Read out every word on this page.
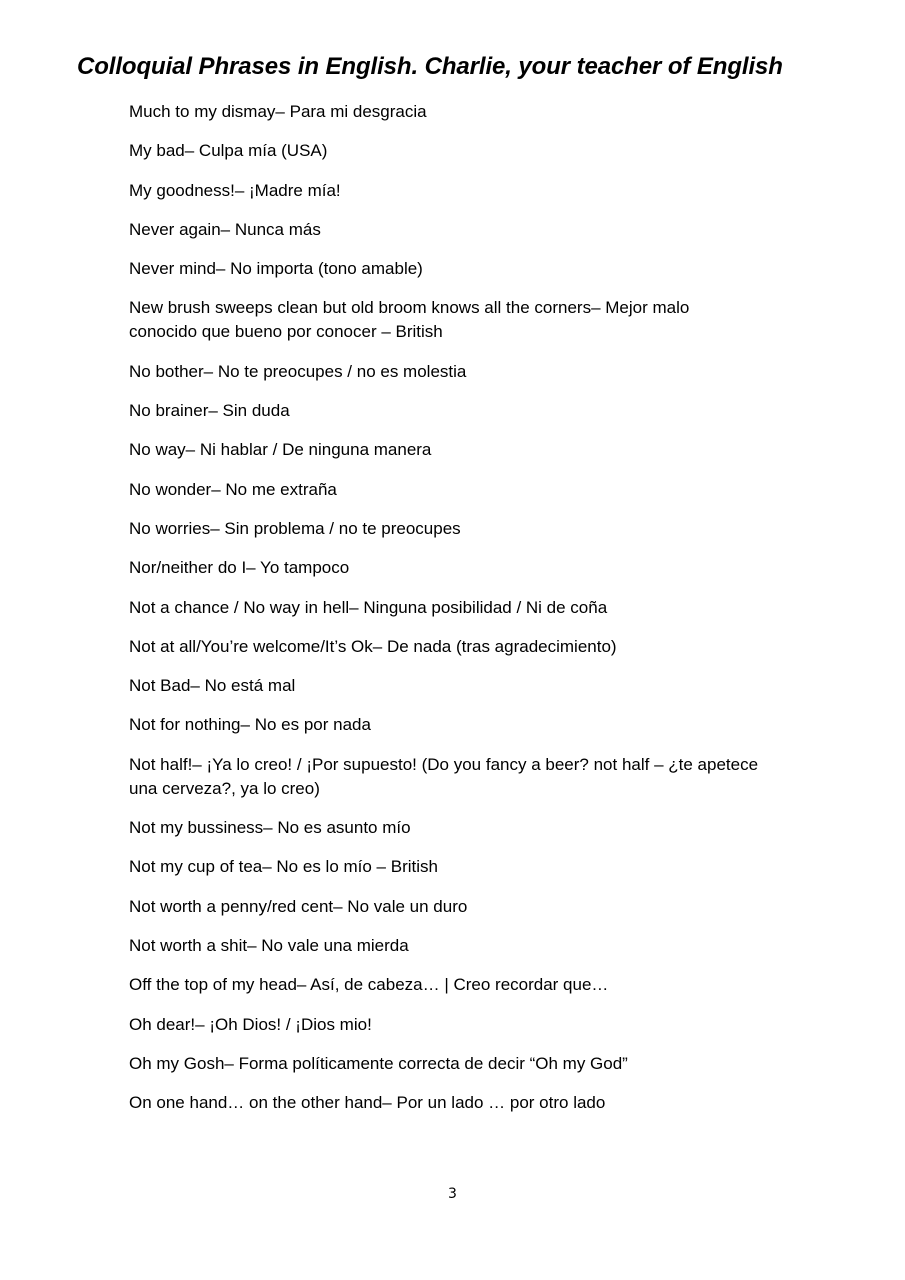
Colloquial Phrases in English. Charlie, your teacher of English
Much to my dismay– Para mi desgracia
My bad– Culpa mía (USA)
My goodness!– ¡Madre mía!
Never again– Nunca más
Never mind– No importa (tono amable)
New brush sweeps clean but old broom knows all the corners– Mejor malo conocido que bueno por conocer – British
No bother– No te preocupes / no es molestia
No brainer– Sin duda
No way– Ni hablar / De ninguna manera
No wonder– No me extraña
No worries– Sin problema / no te preocupes
Nor/neither do I– Yo tampoco
Not a chance / No way in hell– Ninguna posibilidad / Ni de coña
Not at all/You’re welcome/It’s Ok– De nada (tras agradecimiento)
Not Bad– No está mal
Not for nothing– No es por nada
Not half!– ¡Ya lo creo! / ¡Por supuesto! (Do you fancy a beer? not half – ¿te apetece una cerveza?, ya lo creo)
Not my bussiness– No es asunto mío
Not my cup of tea– No es lo mío – British
Not worth a penny/red cent– No vale un duro
Not worth a shit– No vale una mierda
Off the top of my head– Así, de cabeza… | Creo recordar que…
Oh dear!– ¡Oh Dios! / ¡Dios mio!
Oh my Gosh– Forma políticamente correcta de decir “Oh my God”
On one hand… on the other hand– Por un lado … por otro lado
3
